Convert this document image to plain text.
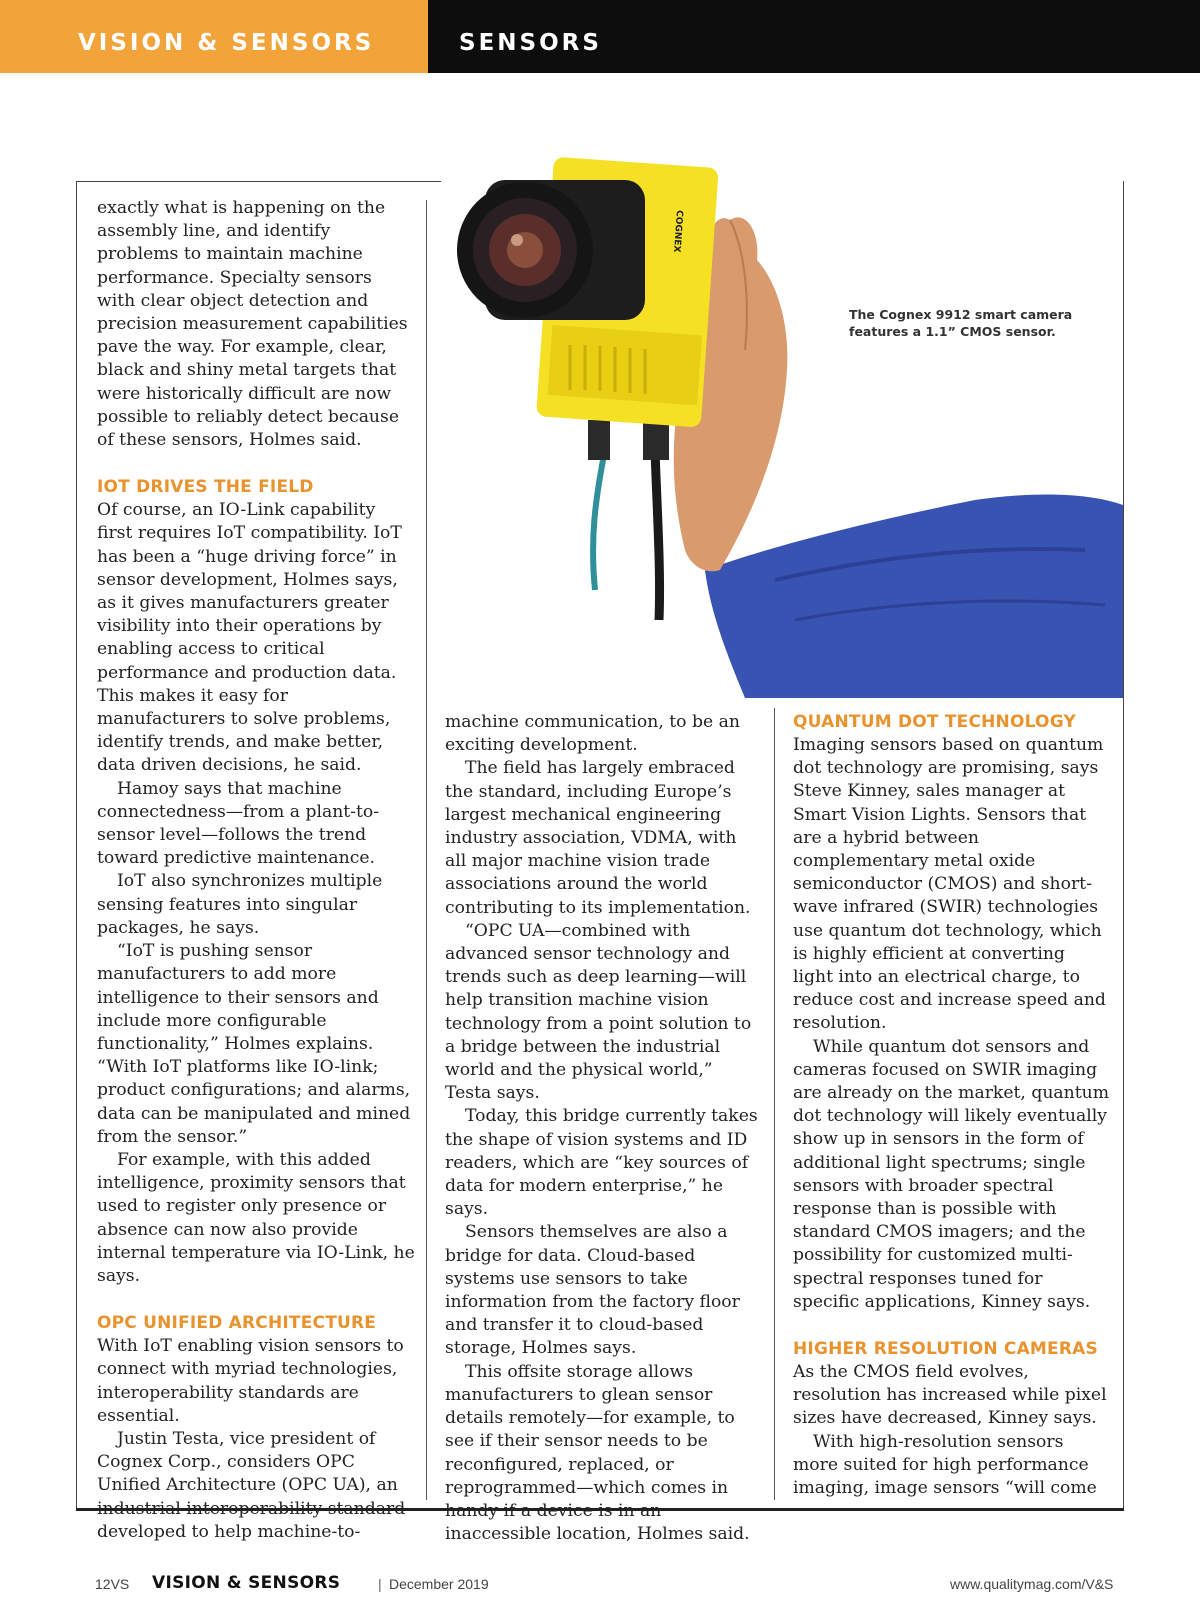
VISION & SENSORS	SENSORS
COGNEX
The Cognex 9912 smart camera features a 1.1” CMOS sensor.

exactly what is happening on the assembly line, and identify problems to maintain machine performance. Specialty sensors with clear object detection and precision measurement capabilities pave the way. For example, clear, black and shiny metal targets that were historically difficult are now possible to reliably detect because of these sensors, Holmes said.

IOT DRIVES THE FIELD

Of course, an IO-Link capability first requires IoT compatibility. IoT has been a “huge driving force” in sensor development, Holmes says, as it gives manufacturers greater visibility into their operations by enabling access to critical performance and production data. This makes it easy for manufacturers to solve problems, identify trends, and make better, data driven decisions, he said.

Hamoy says that machine connectedness—from a plant-to-sensor level—follows the trend toward predictive maintenance.

IoT also synchronizes multiple sensing features into singular packages, he says.

“IoT is pushing sensor manufacturers to add more intelligence to their sensors and include more configurable functionality,” Holmes explains. “With IoT platforms like IO-link; product configurations; and alarms, data can be manipulated and mined from the sensor.”

For example, with this added intelligence, proximity sensors that used to register only presence or absence can now also provide internal temperature via IO-Link, he says.

OPC UNIFIED ARCHITECTURE

With IoT enabling vision sensors to connect with myriad technologies, interoperability standards are essential.

Justin Testa, vice president of Cognex Corp., considers OPC Unified Architecture (OPC UA), an industrial interoperability standard developed to help machine-to-

machine communication, to be an exciting development.

The field has largely embraced the standard, including Europe’s largest mechanical engineering industry association, VDMA, with all major machine vision trade associations around the world contributing to its implementation.

“OPC UA—combined with advanced sensor technology and trends such as deep learning—will help transition machine vision technology from a point solution to a bridge between the industrial world and the physical world,” Testa says.

Today, this bridge currently takes the shape of vision systems and ID readers, which are “key sources of data for modern enterprise,” he says.

Sensors themselves are also a bridge for data. Cloud-based systems use sensors to take information from the factory floor and transfer it to cloud-based storage, Holmes says.

This offsite storage allows manufacturers to glean sensor details remotely—for example, to see if their sensor needs to be reconfigured, replaced, or reprogrammed—which comes in handy if a device is in an inaccessible location, Holmes said.

QUANTUM DOT TECHNOLOGY

Imaging sensors based on quantum dot technology are promising, says Steve Kinney, sales manager at Smart Vision Lights. Sensors that are a hybrid between complementary metal oxide semiconductor (CMOS) and short-wave infrared (SWIR) technologies use quantum dot technology, which is highly efficient at converting light into an electrical charge, to reduce cost and increase speed and resolution.

While quantum dot sensors and cameras focused on SWIR imaging are already on the market, quantum dot technology will likely eventually show up in sensors in the form of additional light spectrums; single sensors with broader spectral response than is possible with standard CMOS imagers; and the possibility for customized multi-spectral responses tuned for specific applications, Kinney says.

HIGHER RESOLUTION CAMERAS

As the CMOS field evolves, resolution has increased while pixel sizes have decreased, Kinney says.

With high-resolution sensors more suited for high performance imaging, image sensors “will come

12VS VISION & SENSORS	| December 2019	www.qualitymag.com/V&S
